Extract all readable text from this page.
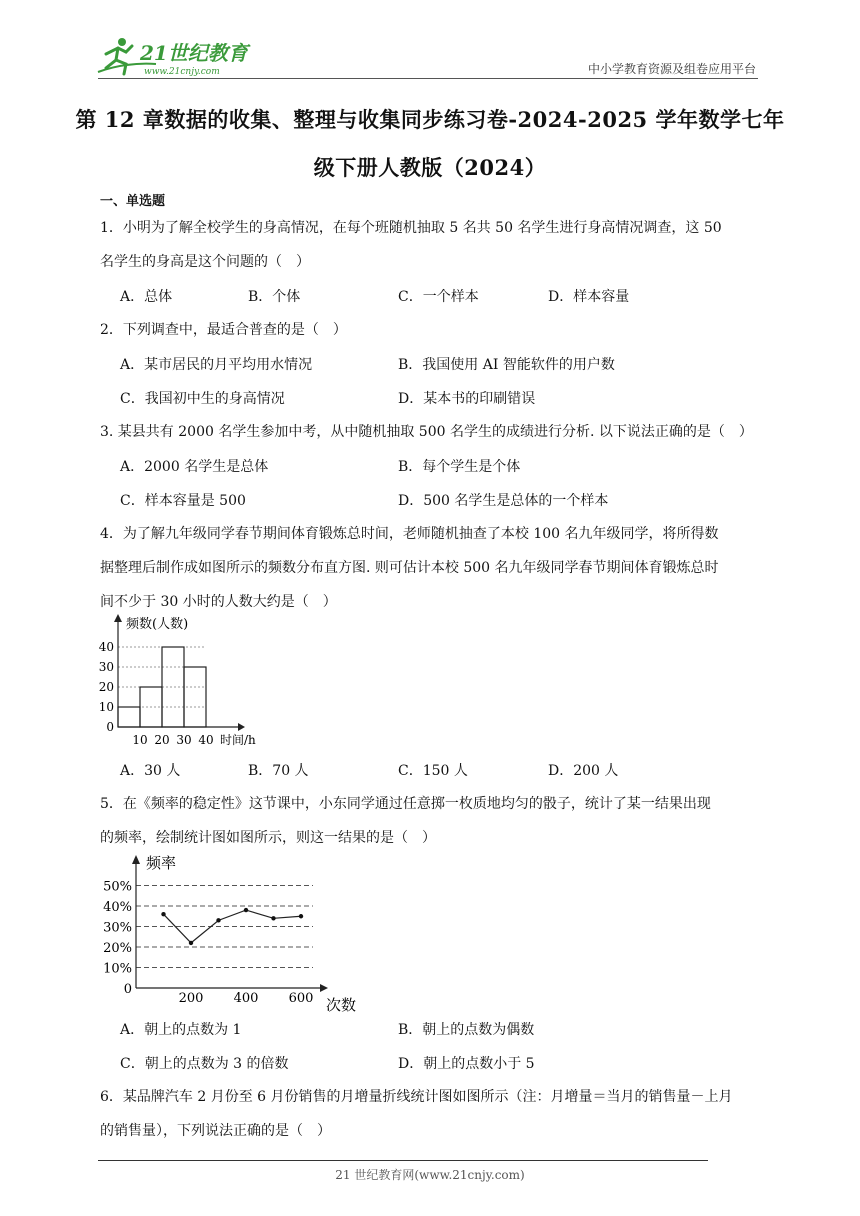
21世纪教育
www.21cnjy.com	中小学教育资源及组卷应用平台
第 12 章数据的收集、整理与收集同步练习卷-2024-2025 学年数学七年
级下册人教版（2024）
一、单选题
1．小明为了解全校学生的身高情况，在每个班随机抽取 5 名共 50 名学生进行身高情况调查，这 50
名学生的身高是这个问题的（　）
A．总体	B．个体	C．一个样本	D．样本容量
2．下列调查中，最适合普查的是（　）
A．某市居民的月平均用水情况	B．我国使用 AI 智能软件的用户数
C．我国初中生的身高情况	D．某本书的印刷错误
3. 某县共有 2000 名学生参加中考，从中随机抽取 500 名学生的成绩进行分析. 以下说法正确的是（　）
A．2000 名学生是总体	B．每个学生是个体
C．样本容量是 500	D．500 名学生是总体的一个样本
4．为了解九年级同学春节期间体育锻炼总时间，老师随机抽查了本校 100 名九年级同学，将所得数
据整理后制作成如图所示的频数分布直方图. 则可估计本校 500 名九年级同学春节期间体育锻炼总时
间不少于 30 小时的人数大约是（　）
频数(人数)
时间/h
0
10
20
30
40
10 20 30 40
A．30 人	B．70 人	C．150 人	D．200 人
5．在《频率的稳定性》这节课中，小东同学通过任意掷一枚质地均匀的骰子，统计了某一结果出现
的频率，绘制统计图如图所示，则这一结果的是（　）
频率
次数
0
10%
20%
30%
40%
50%
200 400 600
A．朝上的点数为 1	B．朝上的点数为偶数
C．朝上的点数为 3 的倍数	D．朝上的点数小于 5
6．某品牌汽车 2 月份至 6 月份销售的月增量折线统计图如图所示（注：月增量＝当月的销售量－上月
的销售量），下列说法正确的是（　）
21 世纪教育网(www.21cnjy.com)
